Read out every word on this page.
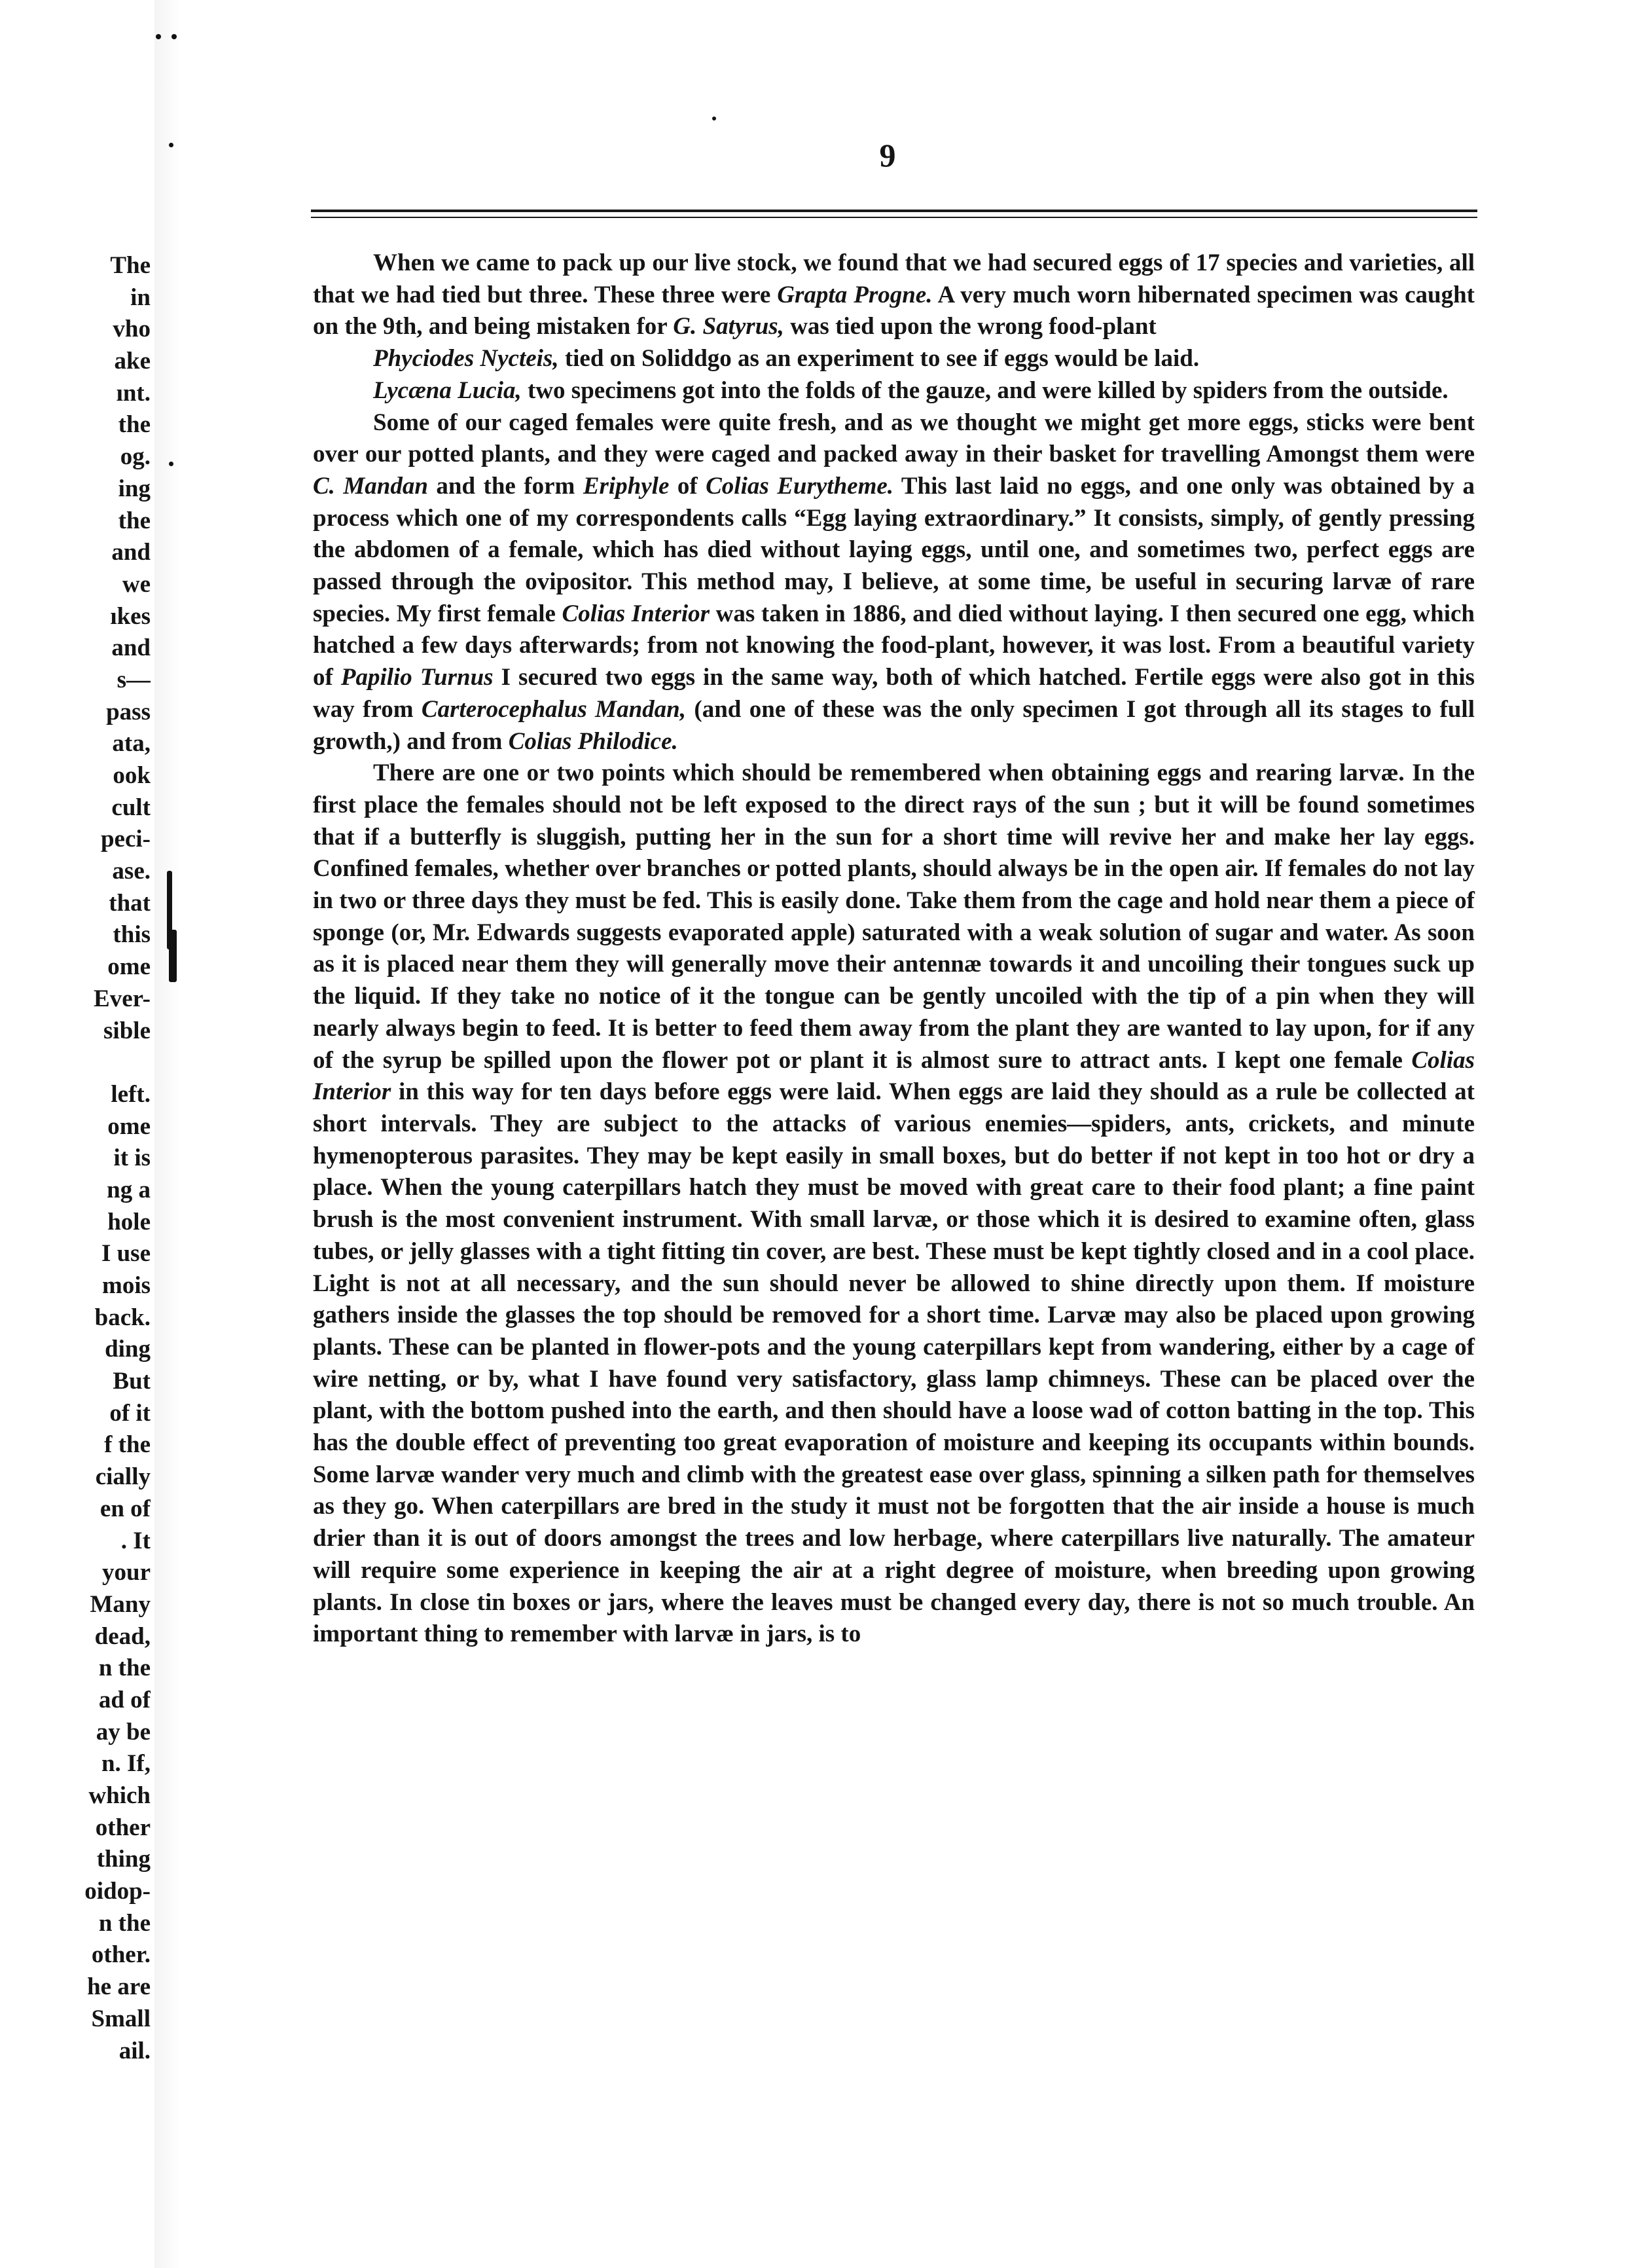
The
in
vho
ake
ınt.
the
og.
ing
the
and
we
ıkes
and
s—
pass
ata,
ook
cult
peci-
ase.
that
this
ome
Ever-
sible
left.
ome
it is
ng a
hole
I use
mois
back.
ding
But
of it
f the
cially
en of
. It
your
Many
dead,
n the
ad of
ay be
n. If,
which
other
thing
oidop-
n the
other.
he are
Small
ail.
9

When we came to pack up our live stock, we found that we had secured eggs of 17 species and varieties, all that we had tied but three. These three were Grapta Progne. A very much worn hibernated specimen was caught on the 9th, and being mistaken for G. Satyrus, was tied upon the wrong food-plant

Phyciodes Nycteis, tied on Soliddgo as an experiment to see if eggs would be laid.

Lycæna Lucia, two specimens got into the folds of the gauze, and were killed by spiders from the outside.

Some of our caged females were quite fresh, and as we thought we might get more eggs, sticks were bent over our potted plants, and they were caged and packed away in their basket for travelling Amongst them were C. Mandan and the form Eriphyle of Colias Eurytheme. This last laid no eggs, and one only was obtained by a process which one of my correspondents calls “Egg laying extraordinary.” It consists, simply, of gently pressing the abdomen of a female, which has died without laying eggs, until one, and sometimes two, perfect eggs are passed through the ovipositor. This method may, I believe, at some time, be useful in securing larvæ of rare species. My first female Colias Interior was taken in 1886, and died without laying. I then secured one egg, which hatched a few days afterwards; from not knowing the food-plant, however, it was lost. From a beautiful variety of Papilio Turnus I secured two eggs in the same way, both of which hatched. Fertile eggs were also got in this way from Carterocephalus Mandan, (and one of these was the only specimen I got through all its stages to full growth,) and from Colias Philodice.

There are one or two points which should be remembered when obtaining eggs and rearing larvæ. In the first place the females should not be left exposed to the direct rays of the sun ; but it will be found sometimes that if a butterfly is sluggish, putting her in the sun for a short time will revive her and make her lay eggs. Confined females, whether over branches or potted plants, should always be in the open air. If females do not lay in two or three days they must be fed. This is easily done. Take them from the cage and hold near them a piece of sponge (or, Mr. Edwards suggests evaporated apple) saturated with a weak solution of sugar and water. As soon as it is placed near them they will generally move their antennæ towards it and uncoiling their tongues suck up the liquid. If they take no notice of it the tongue can be gently uncoiled with the tip of a pin when they will nearly always begin to feed. It is better to feed them away from the plant they are wanted to lay upon, for if any of the syrup be spilled upon the flower pot or plant it is almost sure to attract ants. I kept one female Colias Interior in this way for ten days before eggs were laid. When eggs are laid they should as a rule be collected at short intervals. They are subject to the attacks of various enemies—spiders, ants, crickets, and minute hymenopterous parasites. They may be kept easily in small boxes, but do better if not kept in too hot or dry a place. When the young caterpillars hatch they must be moved with great care to their food plant; a fine paint brush is the most convenient instrument. With small larvæ, or those which it is desired to examine often, glass tubes, or jelly glasses with a tight fitting tin cover, are best. These must be kept tightly closed and in a cool place. Light is not at all necessary, and the sun should never be allowed to shine directly upon them. If moisture gathers inside the glasses the top should be removed for a short time. Larvæ may also be placed upon growing plants. These can be planted in flower-pots and the young caterpillars kept from wandering, either by a cage of wire netting, or by, what I have found very satisfactory, glass lamp chimneys. These can be placed over the plant, with the bottom pushed into the earth, and then should have a loose wad of cotton batting in the top. This has the double effect of preventing too great evaporation of moisture and keeping its occupants within bounds. Some larvæ wander very much and climb with the greatest ease over glass, spinning a silken path for themselves as they go. When caterpillars are bred in the study it must not be forgotten that the air inside a house is much drier than it is out of doors amongst the trees and low herbage, where caterpillars live naturally. The amateur will require some experience in keeping the air at a right degree of moisture, when breeding upon growing plants. In close tin boxes or jars, where the leaves must be changed every day, there is not so much trouble. An important thing to remember with larvæ in jars, is to
